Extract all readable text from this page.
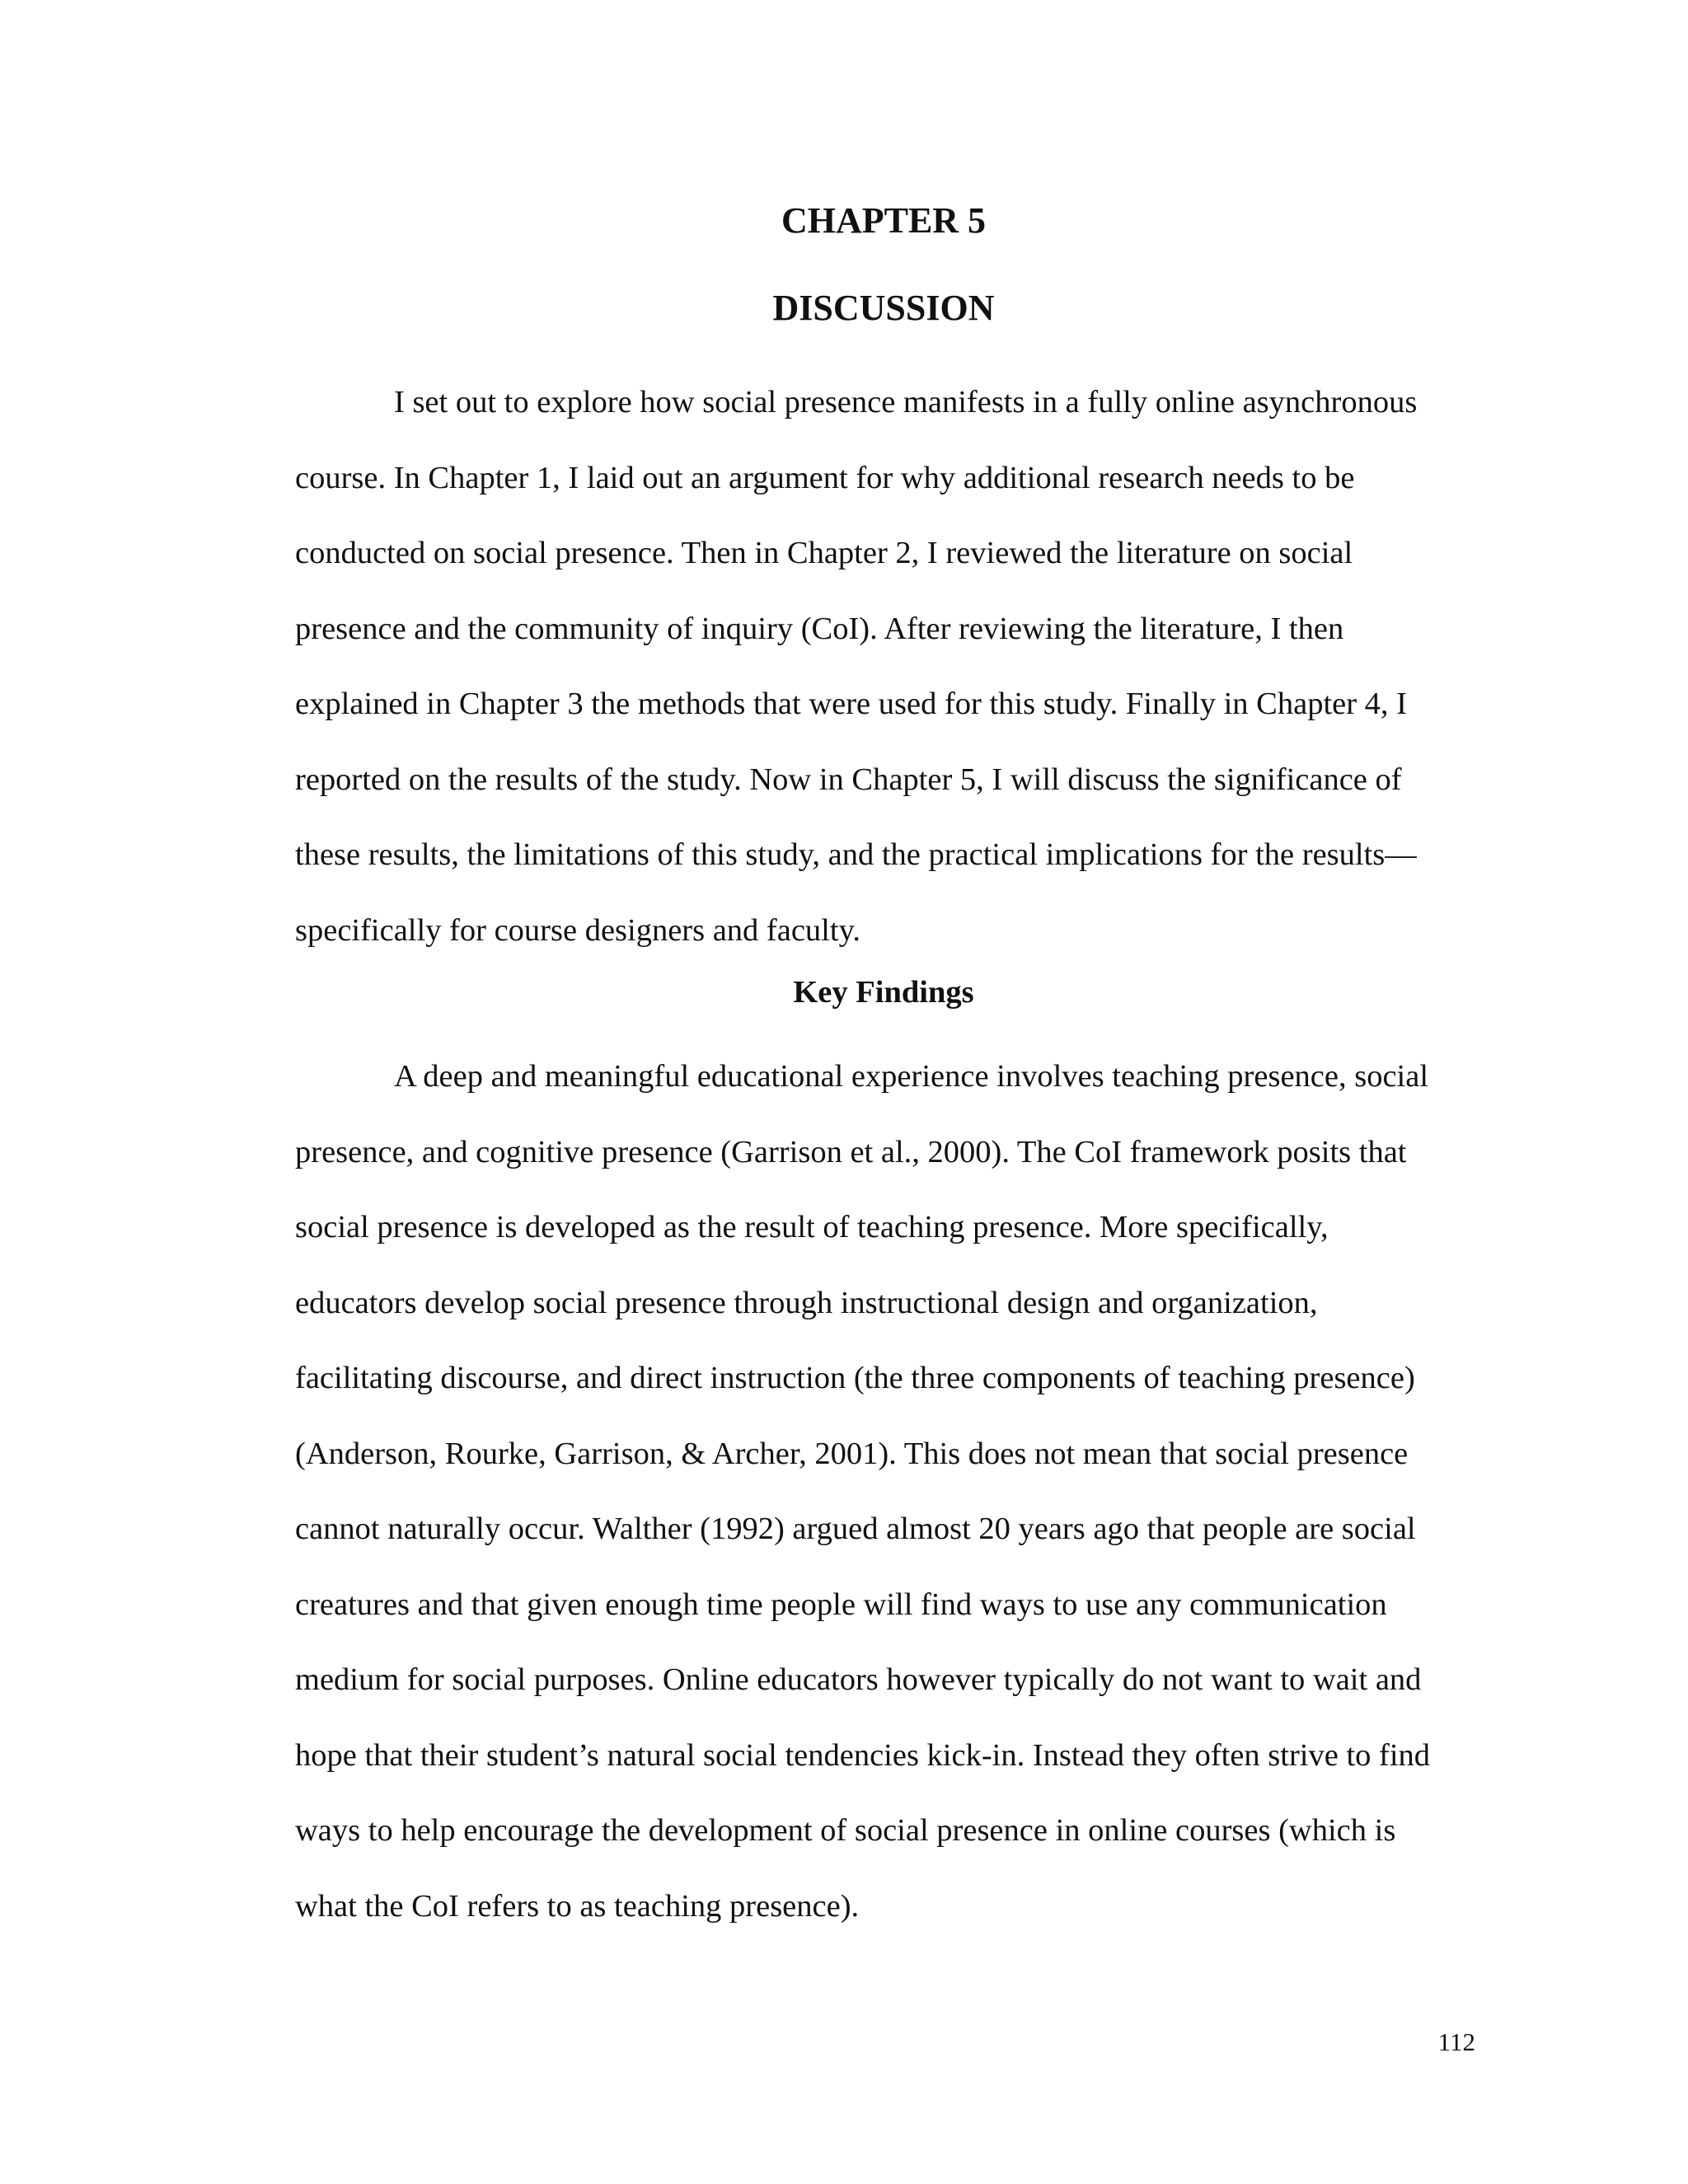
CHAPTER 5
DISCUSSION

I set out to explore how social presence manifests in a fully online asynchronous
course. In Chapter 1, I laid out an argument for why additional research needs to be
conducted on social presence. Then in Chapter 2, I reviewed the literature on social
presence and the community of inquiry (CoI). After reviewing the literature, I then
explained in Chapter 3 the methods that were used for this study. Finally in Chapter 4, I
reported on the results of the study. Now in Chapter 5, I will discuss the significance of
these results, the limitations of this study, and the practical implications for the results—
specifically for course designers and faculty.

Key Findings

A deep and meaningful educational experience involves teaching presence, social
presence, and cognitive presence (Garrison et al., 2000). The CoI framework posits that
social presence is developed as the result of teaching presence. More specifically,
educators develop social presence through instructional design and organization,
facilitating discourse, and direct instruction (the three components of teaching presence)
(Anderson, Rourke, Garrison, & Archer, 2001). This does not mean that social presence
cannot naturally occur. Walther (1992) argued almost 20 years ago that people are social
creatures and that given enough time people will find ways to use any communication
medium for social purposes. Online educators however typically do not want to wait and
hope that their student’s natural social tendencies kick-in. Instead they often strive to find
ways to help encourage the development of social presence in online courses (which is
what the CoI refers to as teaching presence).

112
